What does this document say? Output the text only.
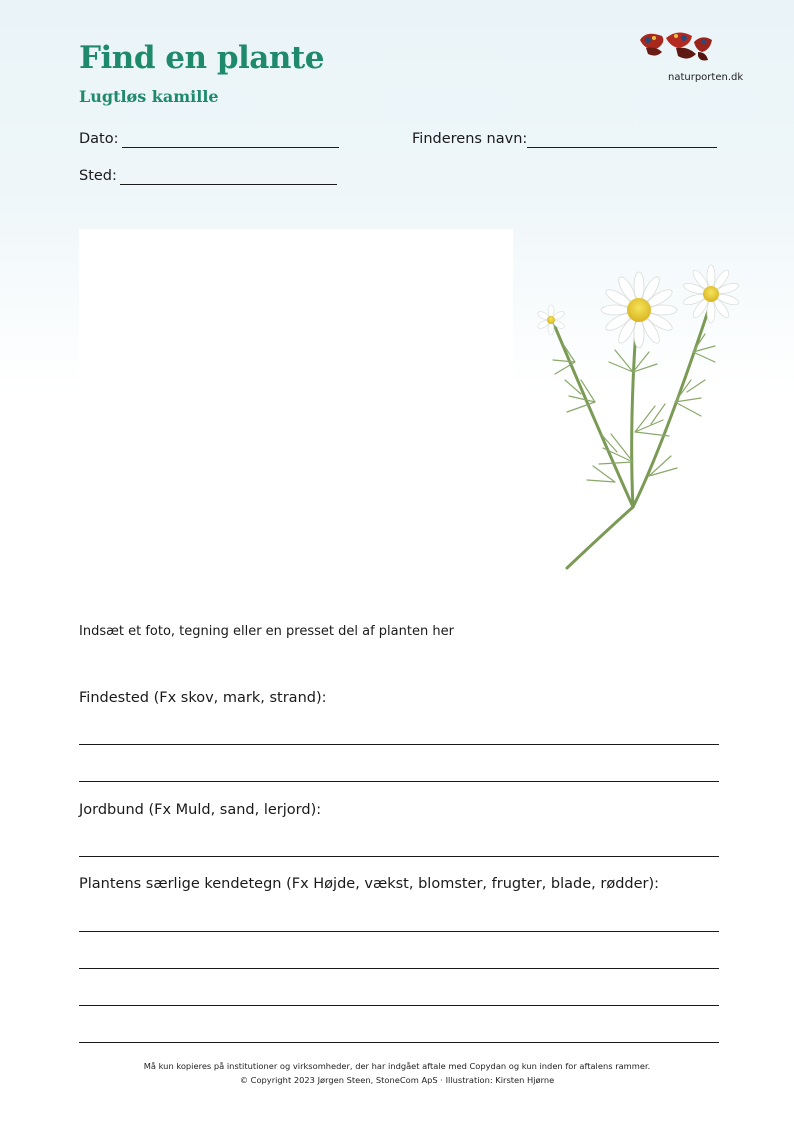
Find en plante
Lugtløs kamille
naturporten.dk
Dato:	Finderens navn:
Sted:
Indsæt et foto, tegning eller en presset del af planten her
Findested (Fx skov, mark, strand):
Jordbund (Fx Muld, sand, lerjord):
Plantens særlige kendetegn (Fx Højde, vækst, blomster, frugter, blade, rødder):
Må kun kopieres på institutioner og virksomheder, der har indgået aftale med Copydan og kun inden for aftalens rammer.
© Copyright 2023 Jørgen Steen, StoneCom ApS · Illustration: Kirsten Hjørne
